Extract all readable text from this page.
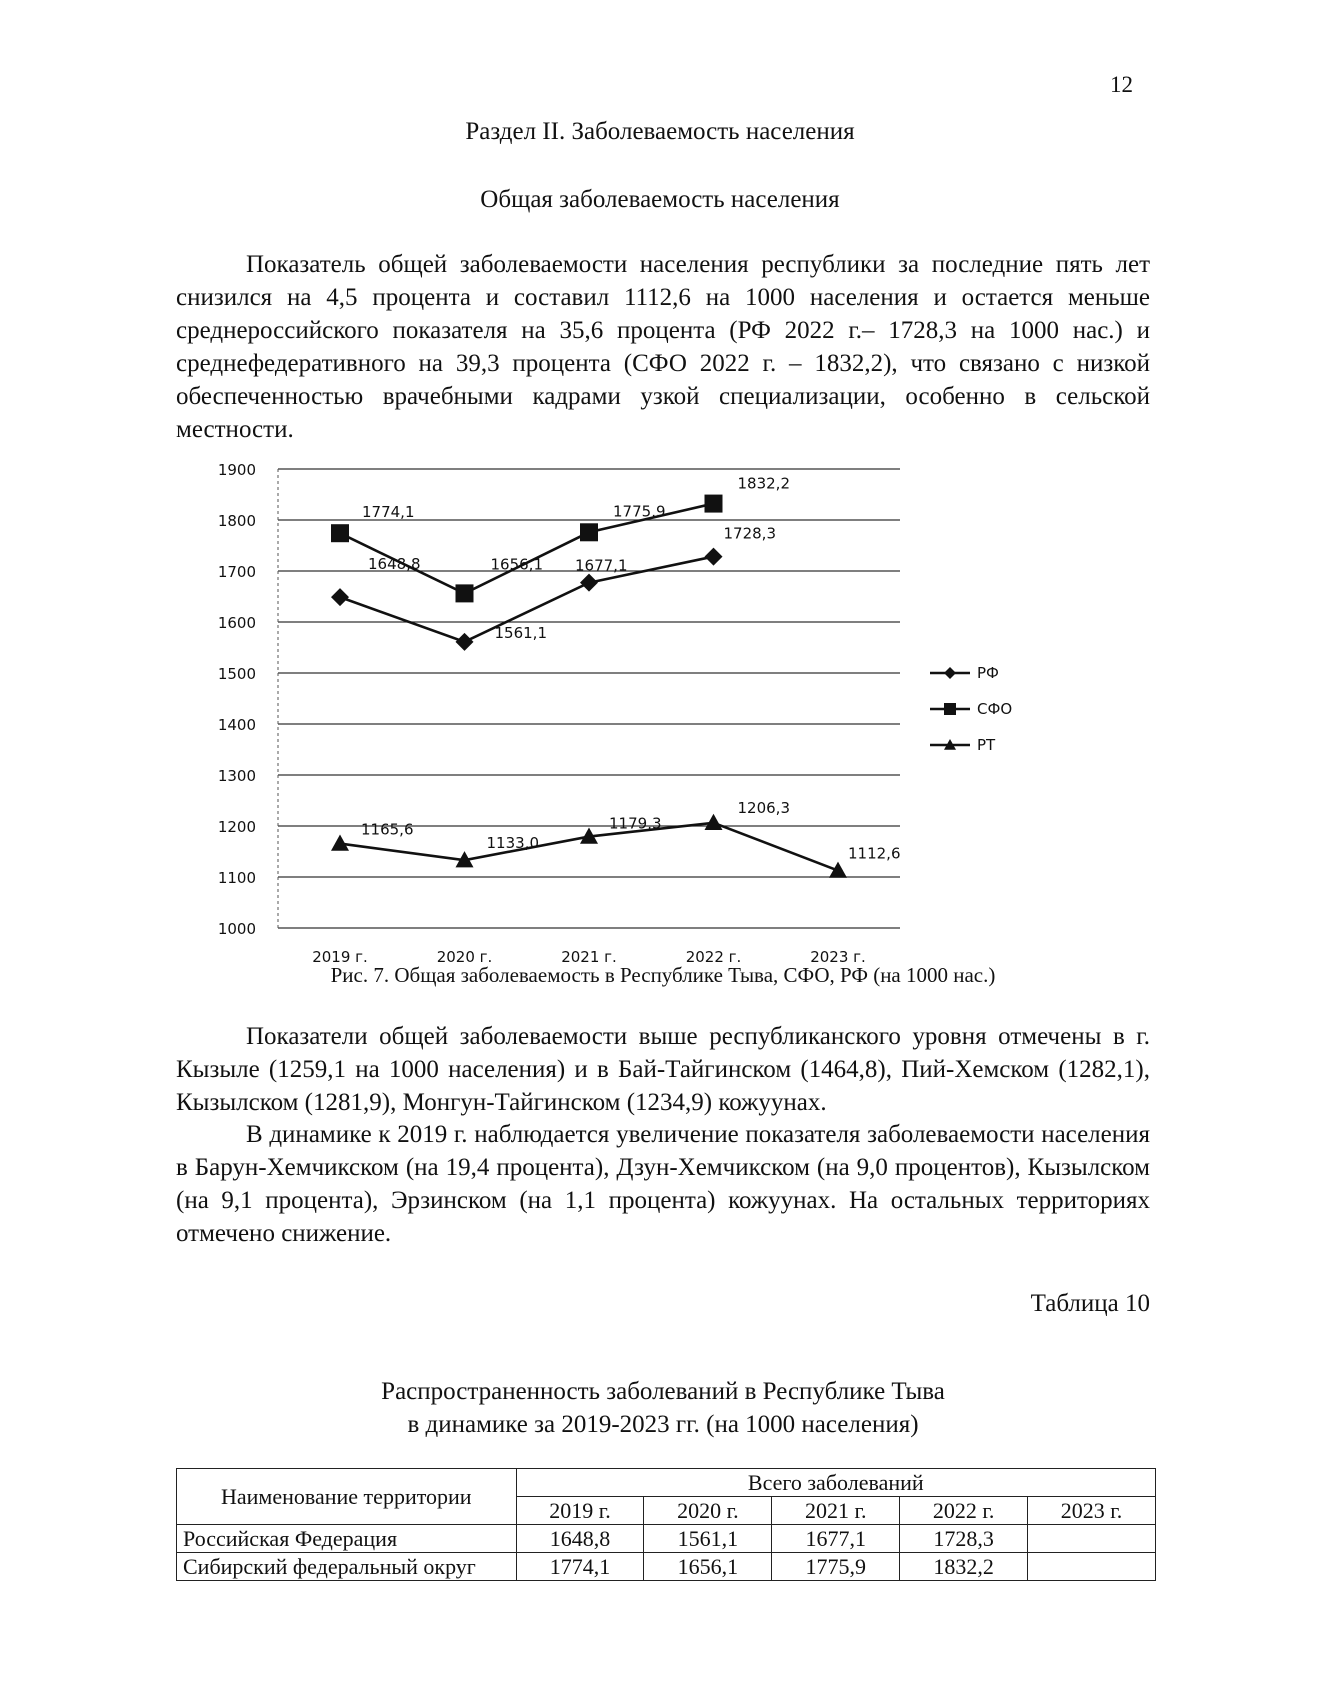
12
Раздел II. Заболеваемость населения
Общая заболеваемость населения

Показатель общей заболеваемости населения республики за последние пять лет снизился на 4,5 процента и составил 1112,6 на 1000 населения и остается меньше среднероссийского показателя на 35,6 процента (РФ 2022 г.– 1728,3 на 1000 нас.) и среднефедеративного на 39,3 процента (СФО 2022 г. – 1832,2), что связано с низкой обеспеченностью врачебными кадрами узкой специализации, особенно в сельской местности.

1000
1100
1200
1300
1400
1500
1600
1700
1800
1900
2019 г.	2020 г.	2021 г.	2022 г.	2023 г.
1648,8
1561,1
1677,1
1728,3
1774,1
1656,1
1775,9
1832,2
1165,6
1133,0
1179,3
1206,3
1112,6
РФ
СФО
РТ
Рис. 7. Общая заболеваемость в Республике Тыва, СФО, РФ (на 1000 нас.)

Показатели общей заболеваемости выше республиканского уровня отмечены в г. Кызыле (1259,1 на 1000 населения) и в Бай-Тайгинском (1464,8), Пий-Хемском (1282,1), Кызылском (1281,9), Монгун-Тайгинском (1234,9) кожуунах.

В динамике к 2019 г. наблюдается увеличение показателя заболеваемости населения в Барун-Хемчикском (на 19,4 процента), Дзун-Хемчикском (на 9,0 процентов), Кызылском (на 9,1 процента), Эрзинском (на 1,1 процента) кожуунах. На остальных территориях отмечено снижение.

Таблица 10
Распространенность заболеваний в Республике Тыва
в динамике за 2019-2023 гг. (на 1000 населения)
Наименование территории	Всего заболеваний				
	2019 г.	2020 г.	2021 г.	2022 г.	2023 г.
Российская Федерация	1648,8	1561,1	1677,1	1728,3	
Сибирский федеральный округ	1774,1	1656,1	1775,9	1832,2	
